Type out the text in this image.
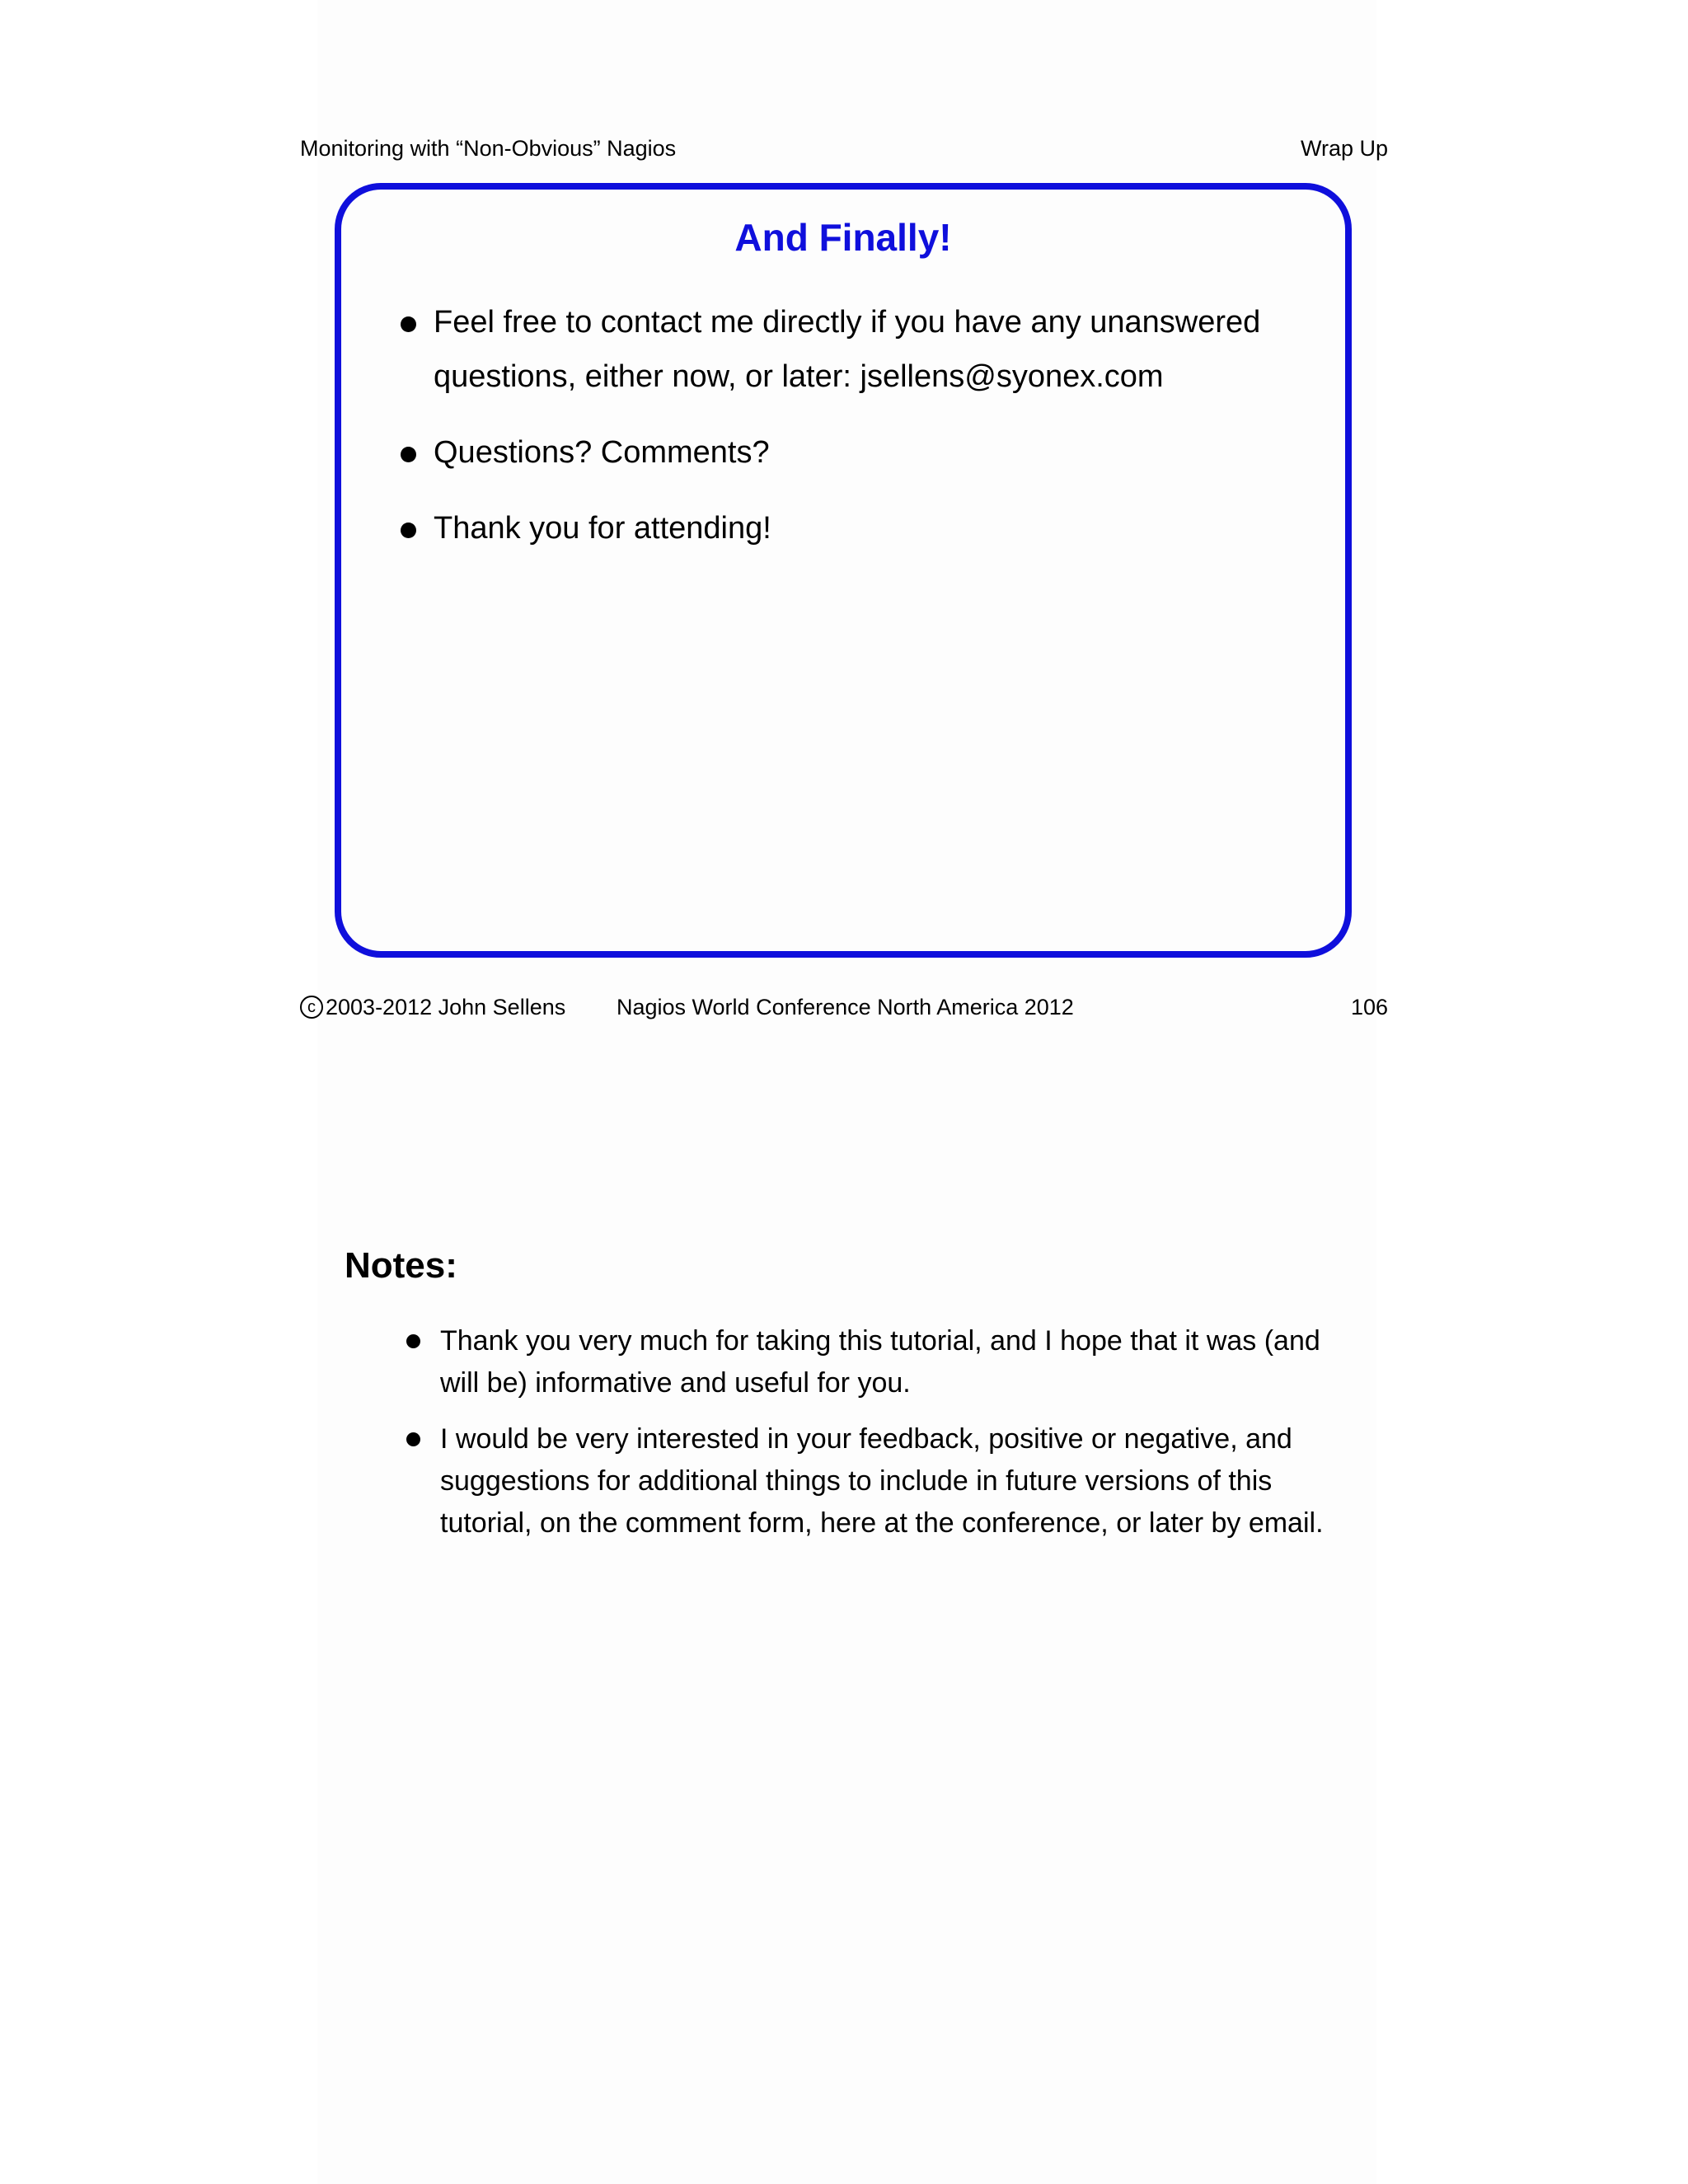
Monitoring with “Non-Obvious” Nagios	Wrap Up
And Finally!
Feel free to contact me directly if you have any unanswered questions, either now, or later: jsellens@syonex.com
Questions? Comments?
Thank you for attending!
c 2003-2012 John Sellens Nagios World Conference North America 2012	106
Notes:
Thank you very much for taking this tutorial, and I hope that it was (and will be) informative and useful for you.
I would be very interested in your feedback, positive or negative, and suggestions for additional things to include in future versions of this tutorial, on the comment form, here at the conference, or later by email.
